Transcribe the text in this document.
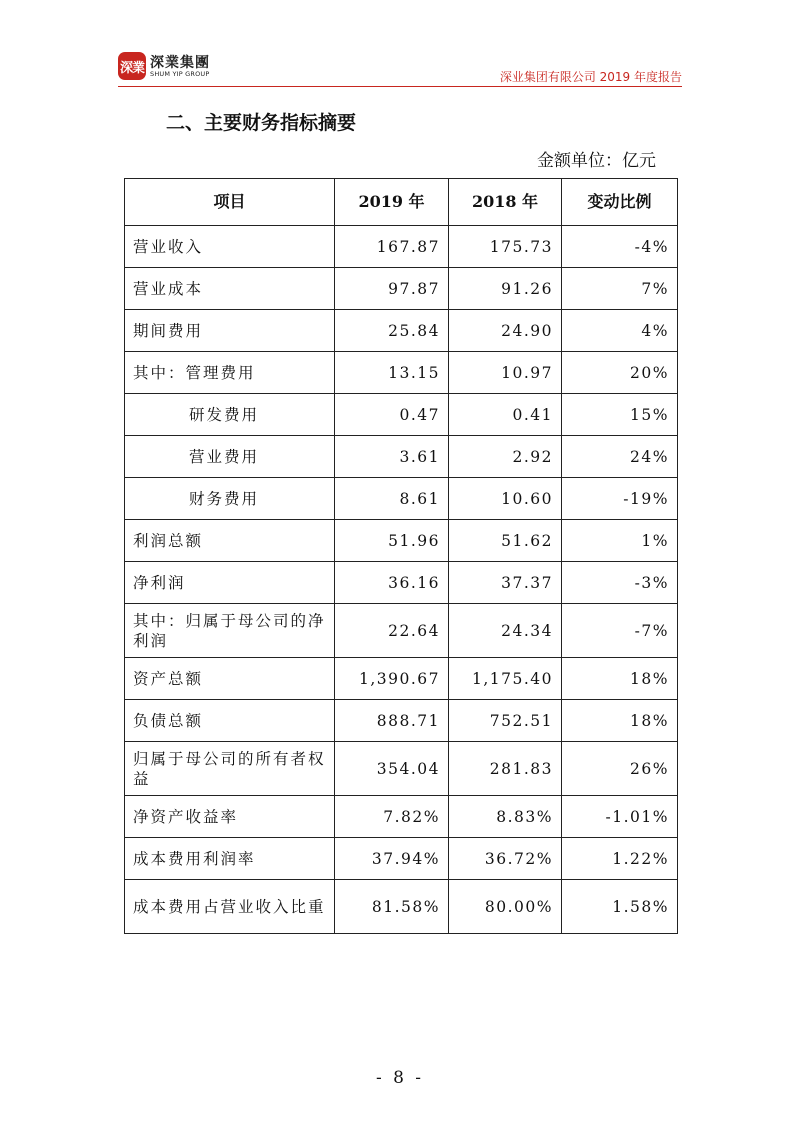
深業 深業集團
SHUM YIP GROUP	深业集团有限公司 2019 年度报告
二、主要财务指标摘要
金额单位：亿元
项目	2019 年	2018 年	变动比例
营业收入	167.87	175.73	-4%
营业成本	97.87	91.26	7%
期间费用	25.84	24.90	4%
其中：管理费用	13.15	10.97	20%
研发费用	0.47	0.41	15%
营业费用	3.61	2.92	24%
财务费用	8.61	10.60	-19%
利润总额	51.96	51.62	1%
净利润	36.16	37.37	-3%
其中：归属于母公司的净利润	22.64	24.34	-7%
资产总额	1,390.67	1,175.40	18%
负债总额	888.71	752.51	18%
归属于母公司的所有者权益	354.04	281.83	26%
净资产收益率	7.82%	8.83%	-1.01%
成本费用利润率	37.94%	36.72%	1.22%
成本费用占营业收入比重	81.58%	80.00%	1.58%
- 8 -
